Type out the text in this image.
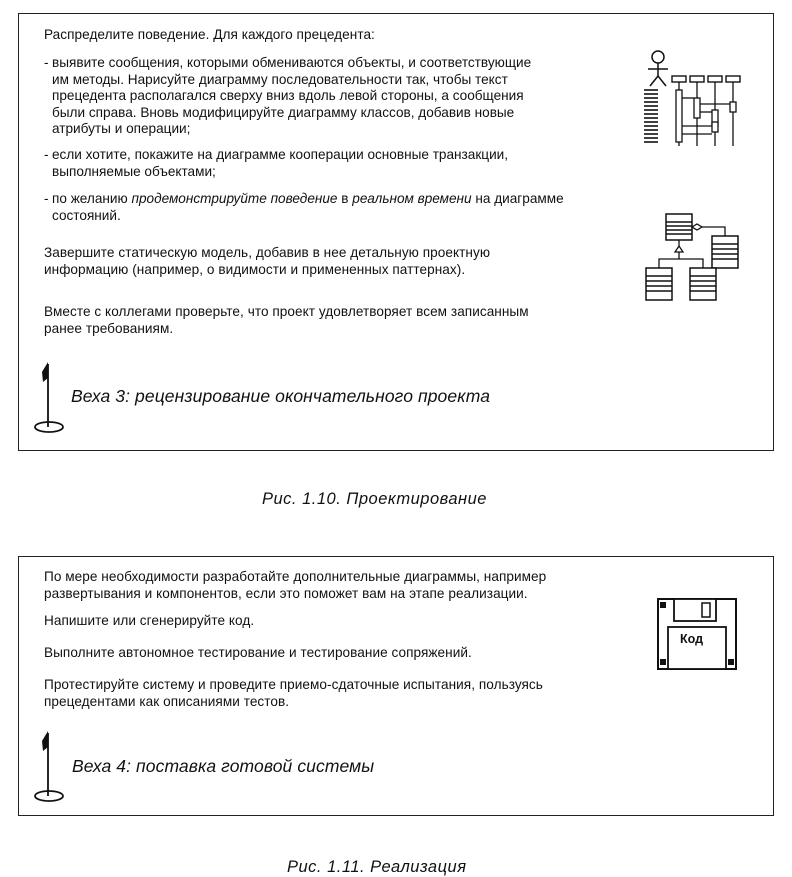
Распределите поведение. Для каждого прецедента:

- выявите сообщения, которыми обмениваются объекты, и соответствующие

им методы. Нарисуйте диаграмму последовательности так, чтобы текст

прецедента располагался сверху вниз вдоль левой стороны, а сообщения

были справа. Вновь модифицируйте диаграмму классов, добавив новые

атрибуты и операции;

- если хотите, покажите на диаграмме кооперации основные транзакции,

выполняемые объектами;

- по желанию продемонстрируйте поведение в реальном времени на диаграмме

состояний.

Завершите статическую модель, добавив в нее детальную проектную

информацию (например, о видимости и примененных паттернах).

Вместе с коллегами проверьте, что проект удовлетворяет всем записанным

ранее требованиям.

Веха 3: рецензирование окончательного проекта

Рис. 1.10. Проектирование

По мере необходимости разработайте дополнительные диаграммы, например

развертывания и компонентов, если это поможет вам на этапе реализации.

Напишите или сгенерируйте код.

Выполните автономное тестирование и тестирование сопряжений.

Протестируйте систему и проведите приемо-сдаточные испытания, пользуясь

прецедентами как описаниями тестов.

Код
Веха 4: поставка готовой системы

Рис. 1.11. Реализация
